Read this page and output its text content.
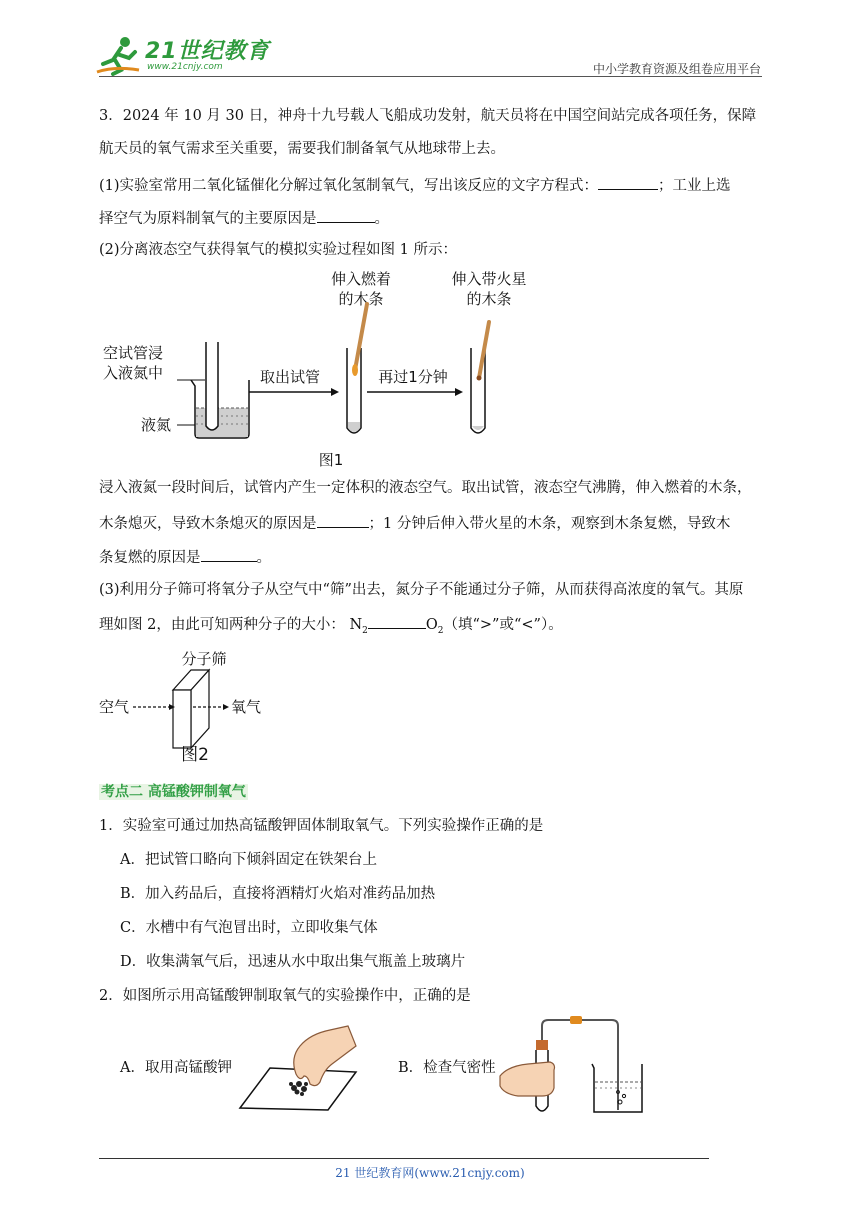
21世纪教育
www.21cnjy.com	中小学教育资源及组卷应用平台
3．2024 年 10 月 30 日，神舟十九号载人飞船成功发射，航天员将在中国空间站完成各项任务，保障
航天员的氧气需求至关重要，需要我们制备氧气从地球带上去。
(1)实验室常用二氧化锰催化分解过氧化氢制氧气，写出该反应的文字方程式：	；工业上选
择空气为原料制氧气的主要原因是	。
(2)分离液态空气获得氧气的模拟实验过程如图 1 所示：
伸入燃着
的木条
伸入带火星
的木条
空试管浸
入液氮中
液氮
取出试管	再过1分钟
图1
浸入液氮一段时间后，试管内产生一定体积的液态空气。取出试管，液态空气沸腾，伸入燃着的木条，
木条熄灭，导致木条熄灭的原因是	；1 分钟后伸入带火星的木条，观察到木条复燃，导致木
条复燃的原因是	。
(3)利用分子筛可将氧分子从空气中“筛”出去，氮分子不能通过分子筛，从而获得高浓度的氧气。其原
理如图 2，由此可知两种分子的大小： $N_2$	$O_2$（填“>”或“<”）。
分子筛
空气	氧气
图2
考点二 高锰酸钾制氧气
1．实验室可通过加热高锰酸钾固体制取氧气。下列实验操作正确的是
A．把试管口略向下倾斜固定在铁架台上
B．加入药品后，直接将酒精灯火焰对准药品加热
C．水槽中有气泡冒出时，立即收集气体
D．收集满氧气后，迅速从水中取出集气瓶盖上玻璃片
2．如图所示用高锰酸钾制取氧气的实验操作中，正确的是
A．取用高锰酸钾	B．检查气密性
21 世纪教育网(www.21cnjy.com)
